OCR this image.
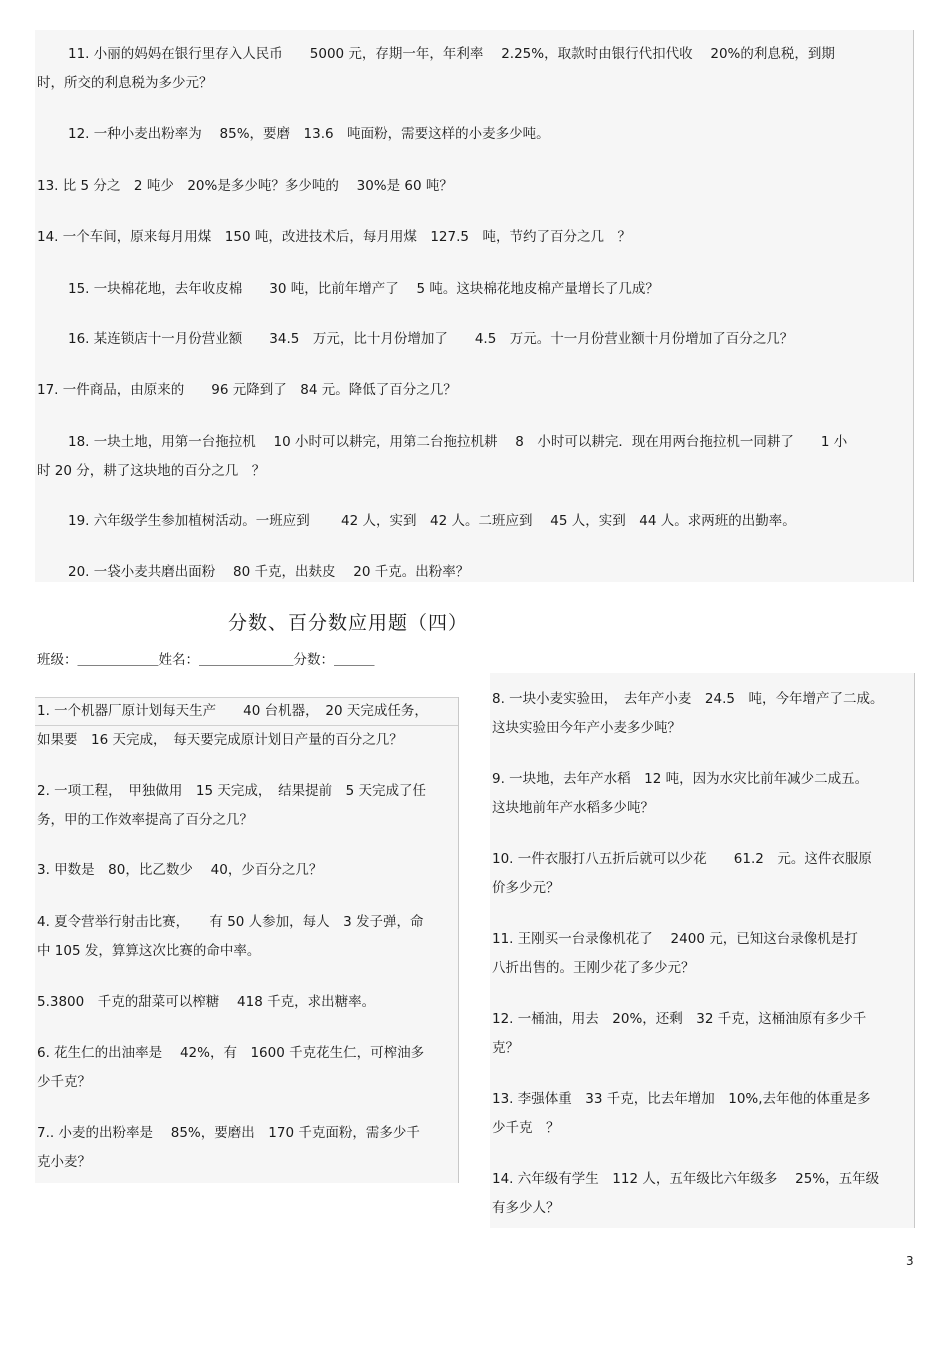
11. 小丽的妈妈在银行里存入人民币　　5000 元，存期一年，年利率　 2.25%，取款时由银行代扣代收　 20%的利息税，到期
时，所交的利息税为多少元？
12. 一种小麦出粉率为　 85%，要磨　13.6　吨面粉，需要这样的小麦多少吨。
13. 比 5 分之　2 吨少　20%是多少吨？多少吨的　 30%是 60 吨？
14. 一个车间，原来每月用煤　150 吨，改进技术后，每月用煤　127.5　吨，节约了百分之几　？
15. 一块棉花地，去年收皮棉　　30 吨，比前年增产了　 5 吨。这块棉花地皮棉产量增长了几成？
16. 某连锁店十一月份营业额　　34.5　万元，比十月份增加了　　4.5　万元。十一月份营业额十月份增加了百分之几？
17. 一件商品，由原来的　　96 元降到了　84 元。降低了百分之几？
18. 一块土地，用第一台拖拉机　 10 小时可以耕完，用第二台拖拉机耕　 8　小时可以耕完．现在用两台拖拉机一同耕了　　1 小
时 20 分，耕了这块地的百分之几　？
19. 六年级学生参加植树活动。一班应到　　 42 人，实到　42 人。二班应到　 45 人，实到　44 人。求两班的出勤率。
20. 一袋小麦共磨出面粉　 80 千克，出麸皮　 20 千克。出粉率？
分数、百分数应用题（四）
班级：＿＿＿＿＿＿姓名：＿＿＿＿＿＿＿分数：＿＿＿
1. 一个机器厂原计划每天生产　　40 台机器，　20 天完成任务，
如果要　16 天完成，　每天要完成原计划日产量的百分之几？
2. 一项工程，　甲独做用　15 天完成，　结果提前　5 天完成了任
务，甲的工作效率提高了百分之几？
3. 甲数是　80，比乙数少　 40，少百分之几？
4. 夏令营举行射击比赛，　　有 50 人参加，每人　3 发子弹，命
中 105 发，算算这次比赛的命中率。
5.3800　千克的甜菜可以榨糖　 418 千克，求出糖率。
6. 花生仁的出油率是　 42%，有　1600 千克花生仁，可榨油多
少千克？
7.. 小麦的出粉率是　 85%，要磨出　170 千克面粉，需多少千
克小麦？
8. 一块小麦实验田，　去年产小麦　24.5　吨，今年增产了二成。
这块实验田今年产小麦多少吨？
9. 一块地，去年产水稻　12 吨，因为水灾比前年减少二成五。
这块地前年产水稻多少吨？
10. 一件衣服打八五折后就可以少花　　61.2　元。这件衣服原
价多少元？
11. 王刚买一台录像机花了　 2400 元，已知这台录像机是打
八折出售的。王刚少花了多少元？
12. 一桶油，用去　20%，还剩　32 千克，这桶油原有多少千
克？
13. 李强体重　33 千克，比去年增加　10%,去年他的体重是多
少千克　？
14. 六年级有学生　112 人，五年级比六年级多　 25%，五年级
有多少人？
3
